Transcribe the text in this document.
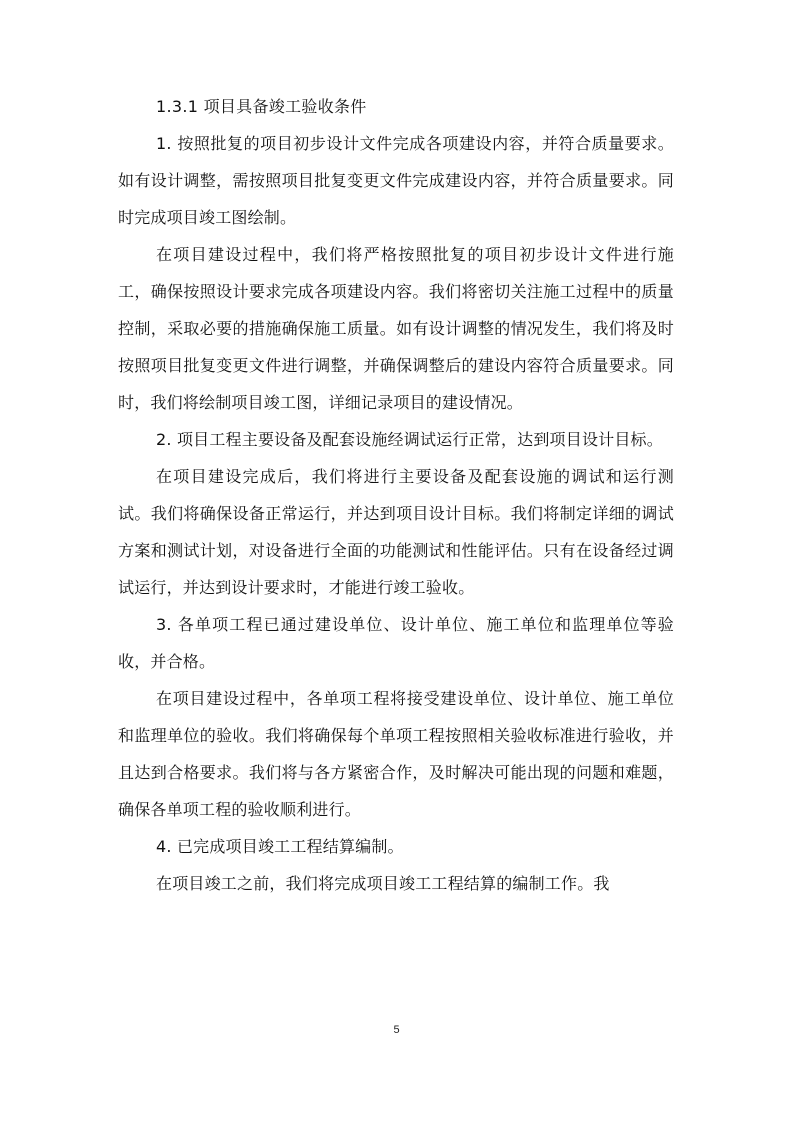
1.3.1 项目具备竣工验收条件

1. 按照批复的项目初步设计文件完成各项建设内容，并符合质量要求。如有设计调整，需按照项目批复变更文件完成建设内容，并符合质量要求。同时完成项目竣工图绘制。

在项目建设过程中，我们将严格按照批复的项目初步设计文件进行施工，确保按照设计要求完成各项建设内容。我们将密切关注施工过程中的质量控制，采取必要的措施确保施工质量。如有设计调整的情况发生，我们将及时按照项目批复变更文件进行调整，并确保调整后的建设内容符合质量要求。同时，我们将绘制项目竣工图，详细记录项目的建设情况。

2. 项目工程主要设备及配套设施经调试运行正常，达到项目设计目标。

在项目建设完成后，我们将进行主要设备及配套设施的调试和运行测试。我们将确保设备正常运行，并达到项目设计目标。我们将制定详细的调试方案和测试计划，对设备进行全面的功能测试和性能评估。只有在设备经过调试运行，并达到设计要求时，才能进行竣工验收。

3. 各单项工程已通过建设单位、设计单位、施工单位和监理单位等验收，并合格。

在项目建设过程中，各单项工程将接受建设单位、设计单位、施工单位和监理单位的验收。我们将确保每个单项工程按照相关验收标准进行验收，并且达到合格要求。我们将与各方紧密合作，及时解决可能出现的问题和难题，确保各单项工程的验收顺利进行。

4. 已完成项目竣工工程结算编制。

在项目竣工之前，我们将完成项目竣工工程结算的编制工作。我

5
